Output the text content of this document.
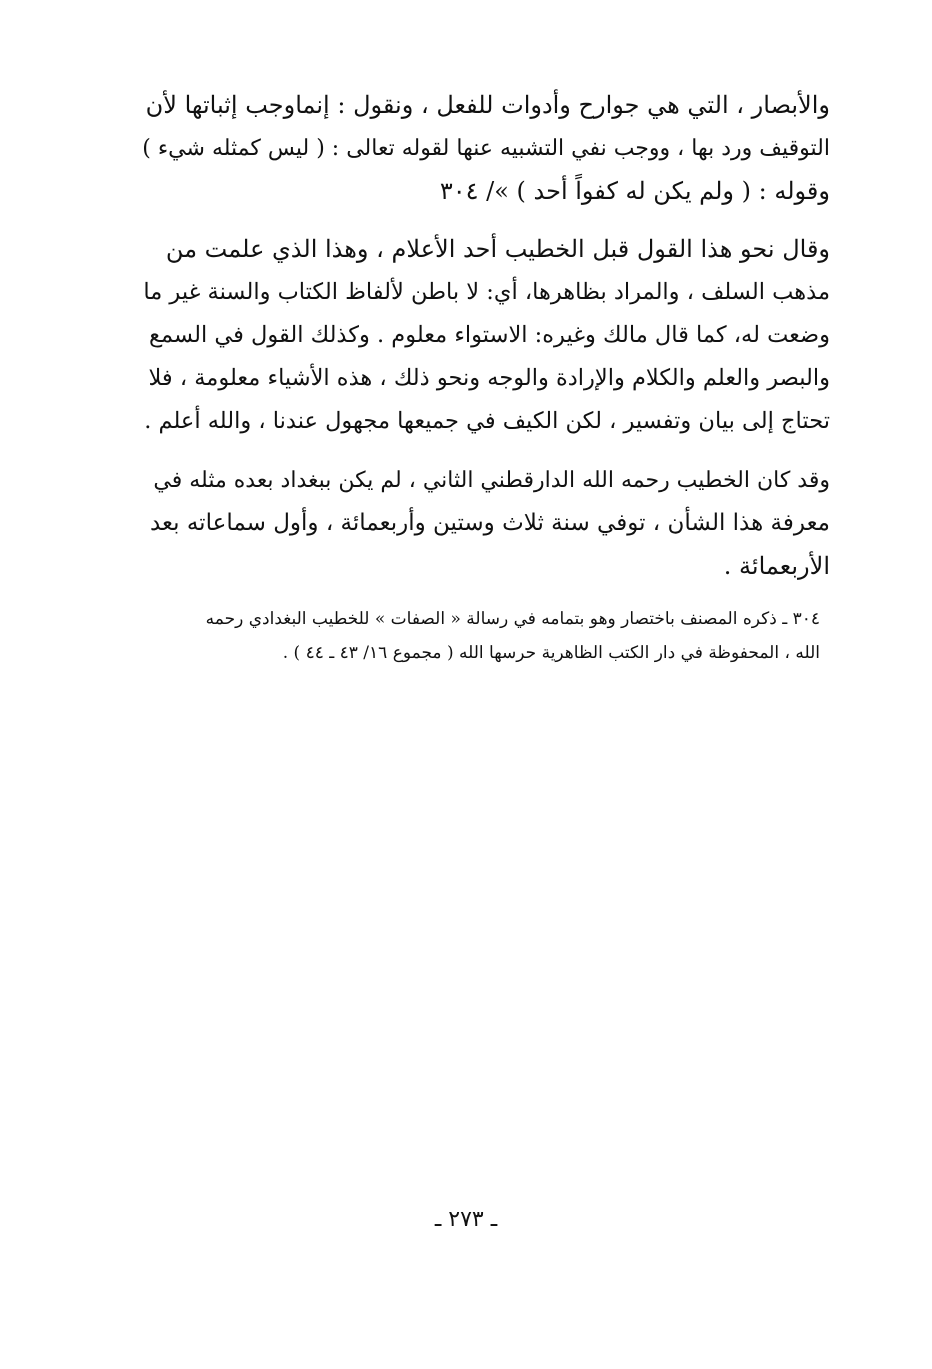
والأبصار ، التي هي جوارح وأدوات للفعل ، ونقول : إنماوجب إثباتها لأن
التوقيف ورد بها ، ووجب نفي التشبيه عنها لقوله تعالى : ( ليس كمثله شيء )
وقوله : ( ولم يكن له كفواً أحد ) »/ ٣٠٤
وقال نحو هذا القول قبل الخطيب أحد الأعلام ، وهذا الذي علمت من
مذهب السلف ، والمراد بظاهرها، أي: لا باطن لألفاظ الكتاب والسنة غير ما
وضعت له، كما قال مالك وغيره: الاستواء معلوم . وكذلك القول في السمع
والبصر والعلم والكلام والإرادة والوجه ونحو ذلك ، هذه الأشياء معلومة ، فلا
تحتاج إلى بيان وتفسير ، لكن الكيف في جميعها مجهول عندنا ، والله أعلم .
وقد كان الخطيب رحمه الله الدارقطني الثاني ، لم يكن ببغداد بعده مثله في
معرفة هذا الشأن ، توفي سنة ثلاث وستين وأربعمائة ، وأول سماعاته بعد
الأربعمائة .
٣٠٤ ـ ذكره المصنف باختصار وهو بتمامه في رسالة « الصفات » للخطيب البغدادي رحمه
الله ، المحفوظة في دار الكتب الظاهرية حرسها الله ( مجموع ١٦/ ٤٣ ـ ٤٤ ) .
ـ ٢٧٣ ـ
